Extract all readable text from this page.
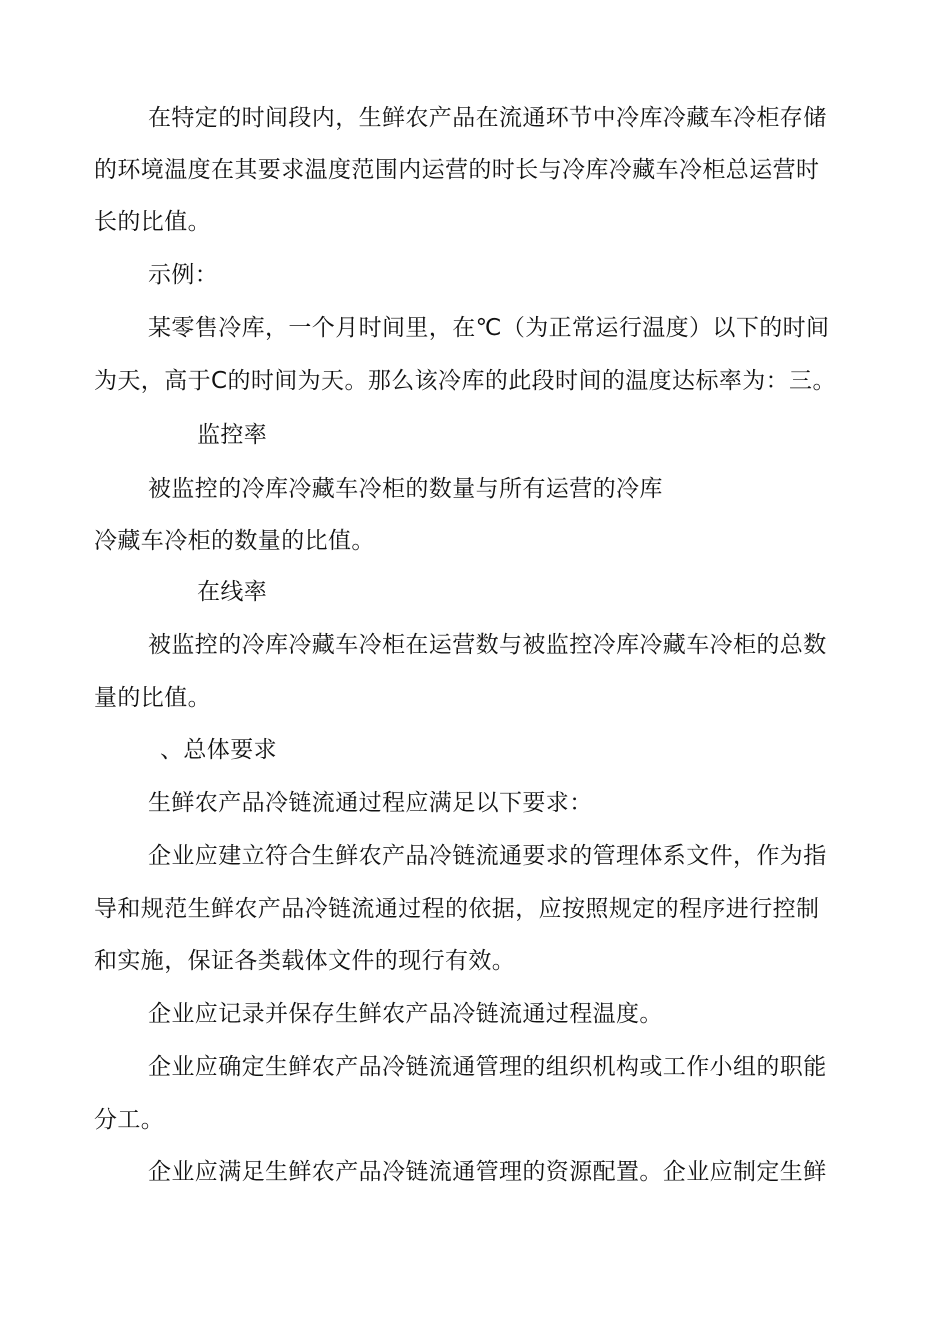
在特定的时间段内，生鲜农产品在流通环节中冷库冷藏车冷柜存储
的环境温度在其要求温度范围内运营的时长与冷库冷藏车冷柜总运营时
长的比值。
示例：
某零售冷库，一个月时间里，在℃（为正常运行温度）以下的时间
为天，高于C的时间为天。那么该冷库的此段时间的温度达标率为：三。
监控率
被监控的冷库冷藏车冷柜的数量与所有运营的冷库
冷藏车冷柜的数量的比值。
在线率
被监控的冷库冷藏车冷柜在运营数与被监控冷库冷藏车冷柜的总数
量的比值。
、总体要求
生鲜农产品冷链流通过程应满足以下要求：
企业应建立符合生鲜农产品冷链流通要求的管理体系文件，作为指
导和规范生鲜农产品冷链流通过程的依据，应按照规定的程序进行控制
和实施，保证各类载体文件的现行有效。
企业应记录并保存生鲜农产品冷链流通过程温度。
企业应确定生鲜农产品冷链流通管理的组织机构或工作小组的职能
分工。
企业应满足生鲜农产品冷链流通管理的资源配置。企业应制定生鲜
